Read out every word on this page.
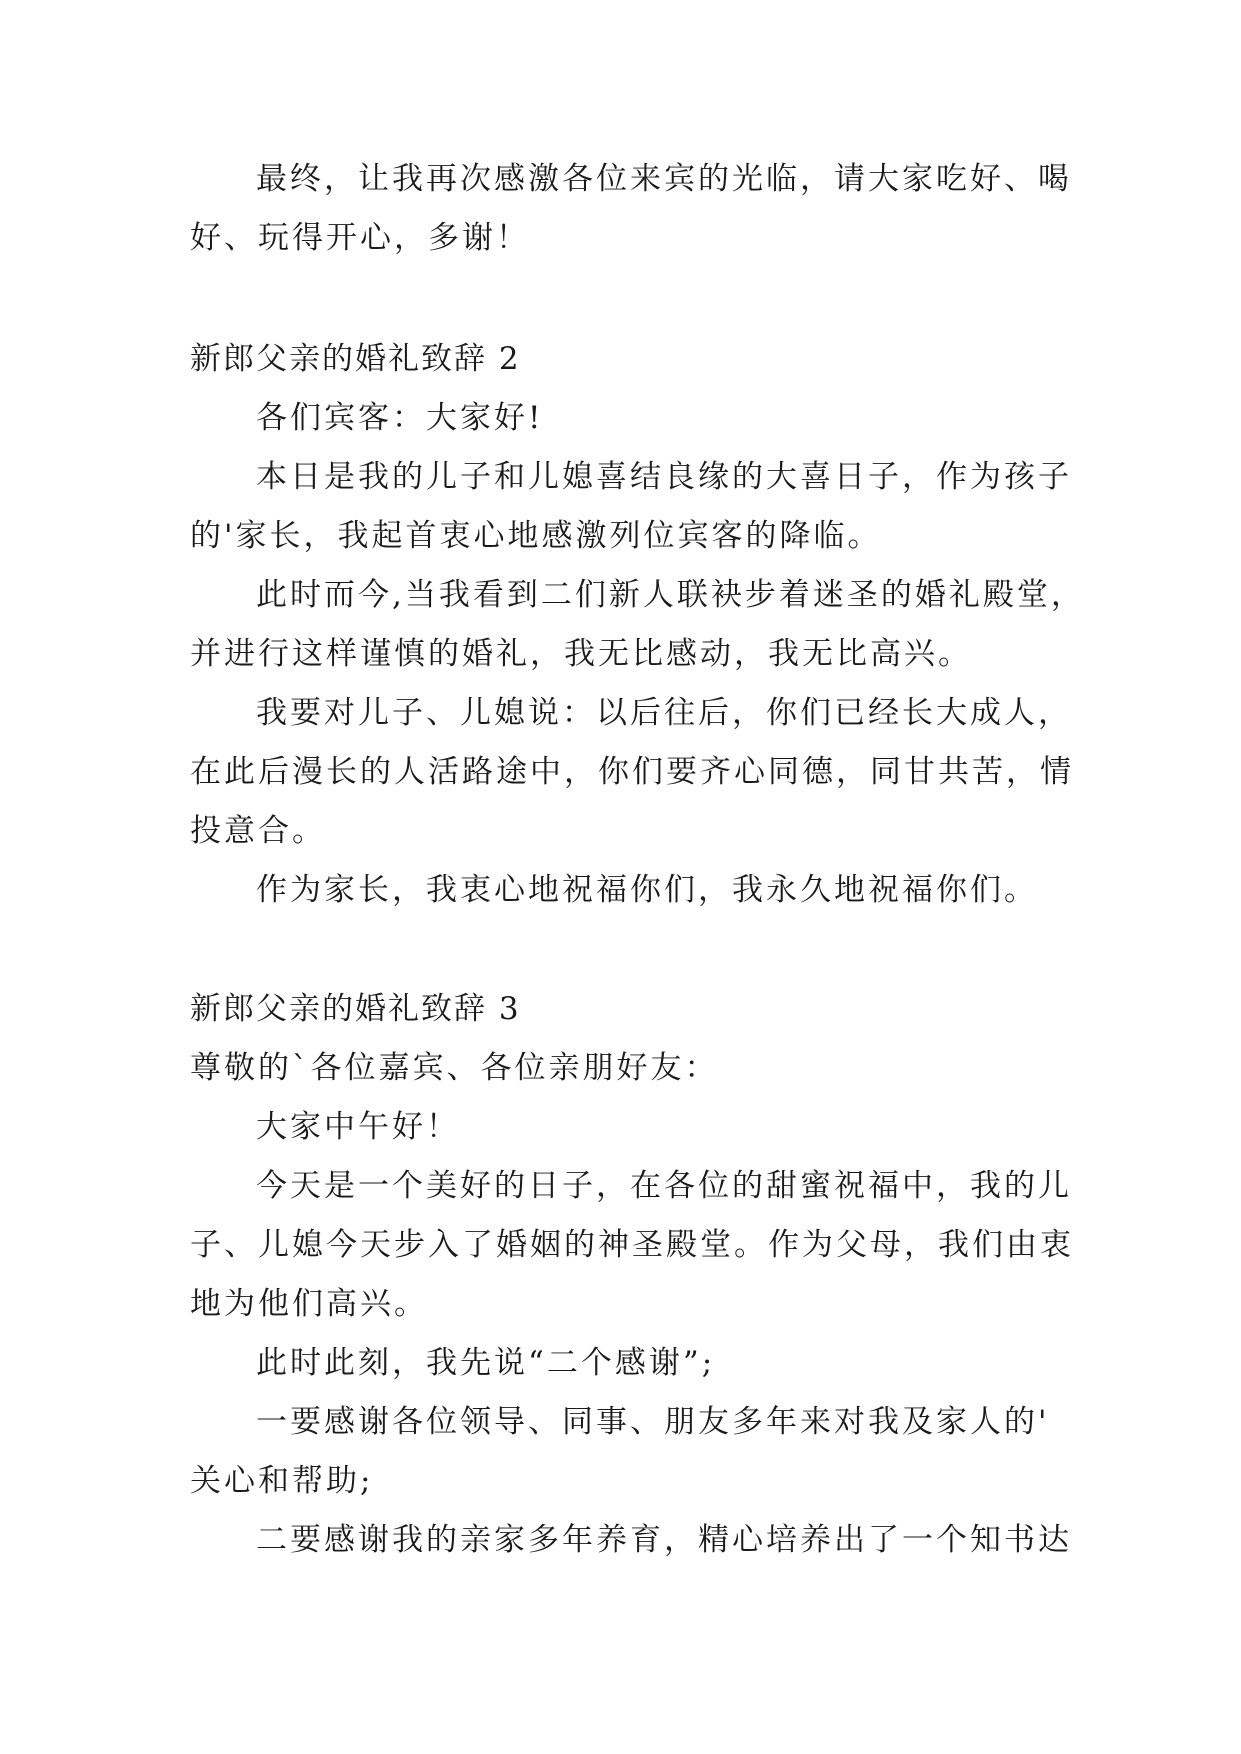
最终，让我再次感激各位来宾的光临，请大家吃好、喝

好、玩得开心，多谢！

新郎父亲的婚礼致辞 2

各们宾客：大家好!

本日是我的儿子和儿媳喜结良缘的大喜日子，作为孩子

的'家长，我起首衷心地感激列位宾客的降临。

此时而今,当我看到二们新人联袂步着迷圣的婚礼殿堂，

并进行这样谨慎的婚礼，我无比感动，我无比高兴。

我要对儿子、儿媳说：以后往后，你们已经长大成人，

在此后漫长的人活路途中，你们要齐心同德，同甘共苦，情

投意合。

作为家长，我衷心地祝福你们，我永久地祝福你们。

新郎父亲的婚礼致辞 3

尊敬的`各位嘉宾、各位亲朋好友：

大家中午好！

今天是一个美好的日子，在各位的甜蜜祝福中，我的儿

子、儿媳今天步入了婚姻的神圣殿堂。作为父母，我们由衷

地为他们高兴。

此时此刻，我先说“二个感谢”;

一要感谢各位领导、同事、朋友多年来对我及家人的'

关心和帮助;

二要感谢我的亲家多年养育，精心培养出了一个知书达
